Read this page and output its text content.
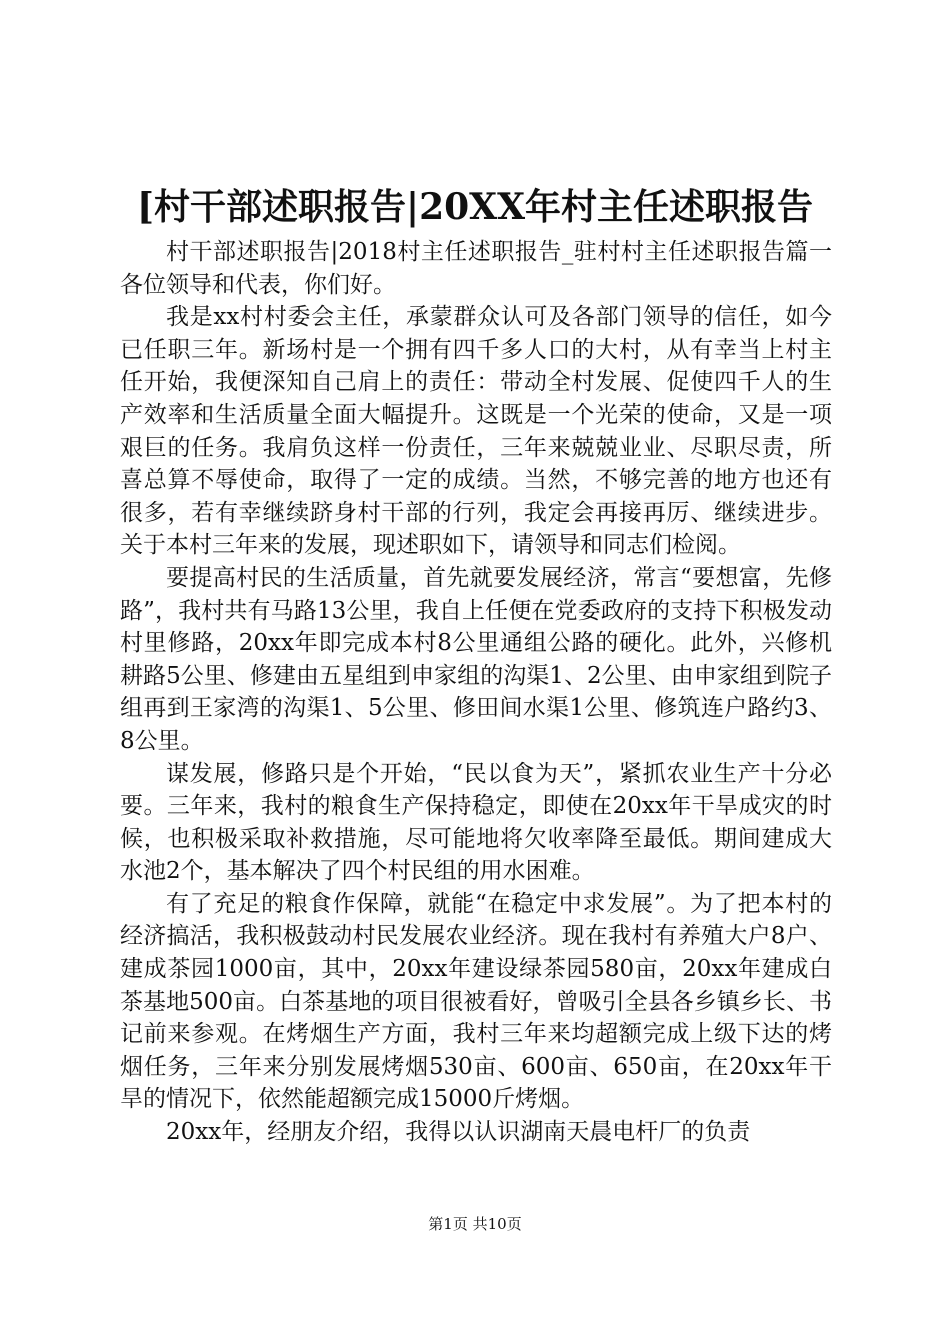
[村干部述职报告|20XX年村主任述职报告

村干部述职报告|2018村主任述职报告_驻村村主任述职报告篇一各位领导和代表，你们好。

我是xx村村委会主任，承蒙群众认可及各部门领导的信任，如今已任职三年。新场村是一个拥有四千多人口的大村，从有幸当上村主任开始，我便深知自己肩上的责任：带动全村发展、促使四千人的生产效率和生活质量全面大幅提升。这既是一个光荣的使命，又是一项艰巨的任务。我肩负这样一份责任，三年来兢兢业业、尽职尽责，所喜总算不辱使命，取得了一定的成绩。当然，不够完善的地方也还有很多，若有幸继续跻身村干部的行列，我定会再接再厉、继续进步。关于本村三年来的发展，现述职如下，请领导和同志们检阅。

要提高村民的生活质量，首先就要发展经济，常言“要想富，先修路”，我村共有马路13公里，我自上任便在党委政府的支持下积极发动村里修路，20xx年即完成本村8公里通组公路的硬化。此外，兴修机耕路5公里、修建由五星组到申家组的沟渠1、2公里、由申家组到院子组再到王家湾的沟渠1、5公里、修田间水渠1公里、修筑连户路约3、8公里。

谋发展，修路只是个开始，“民以食为天”，紧抓农业生产十分必要。三年来，我村的粮食生产保持稳定，即使在20xx年干旱成灾的时候，也积极采取补救措施，尽可能地将欠收率降至最低。期间建成大水池2个，基本解决了四个村民组的用水困难。

有了充足的粮食作保障，就能“在稳定中求发展”。为了把本村的经济搞活，我积极鼓动村民发展农业经济。现在我村有养殖大户8户、建成茶园1000亩，其中，20xx年建设绿茶园580亩，20xx年建成白茶基地500亩。白茶基地的项目很被看好，曾吸引全县各乡镇乡长、书记前来参观。在烤烟生产方面，我村三年来均超额完成上级下达的烤烟任务，三年来分别发展烤烟530亩、600亩、650亩，在20xx年干旱的情况下，依然能超额完成15000斤烤烟。

20xx年，经朋友介绍，我得以认识湖南天晨电杆厂的负责

第1页 共10页
